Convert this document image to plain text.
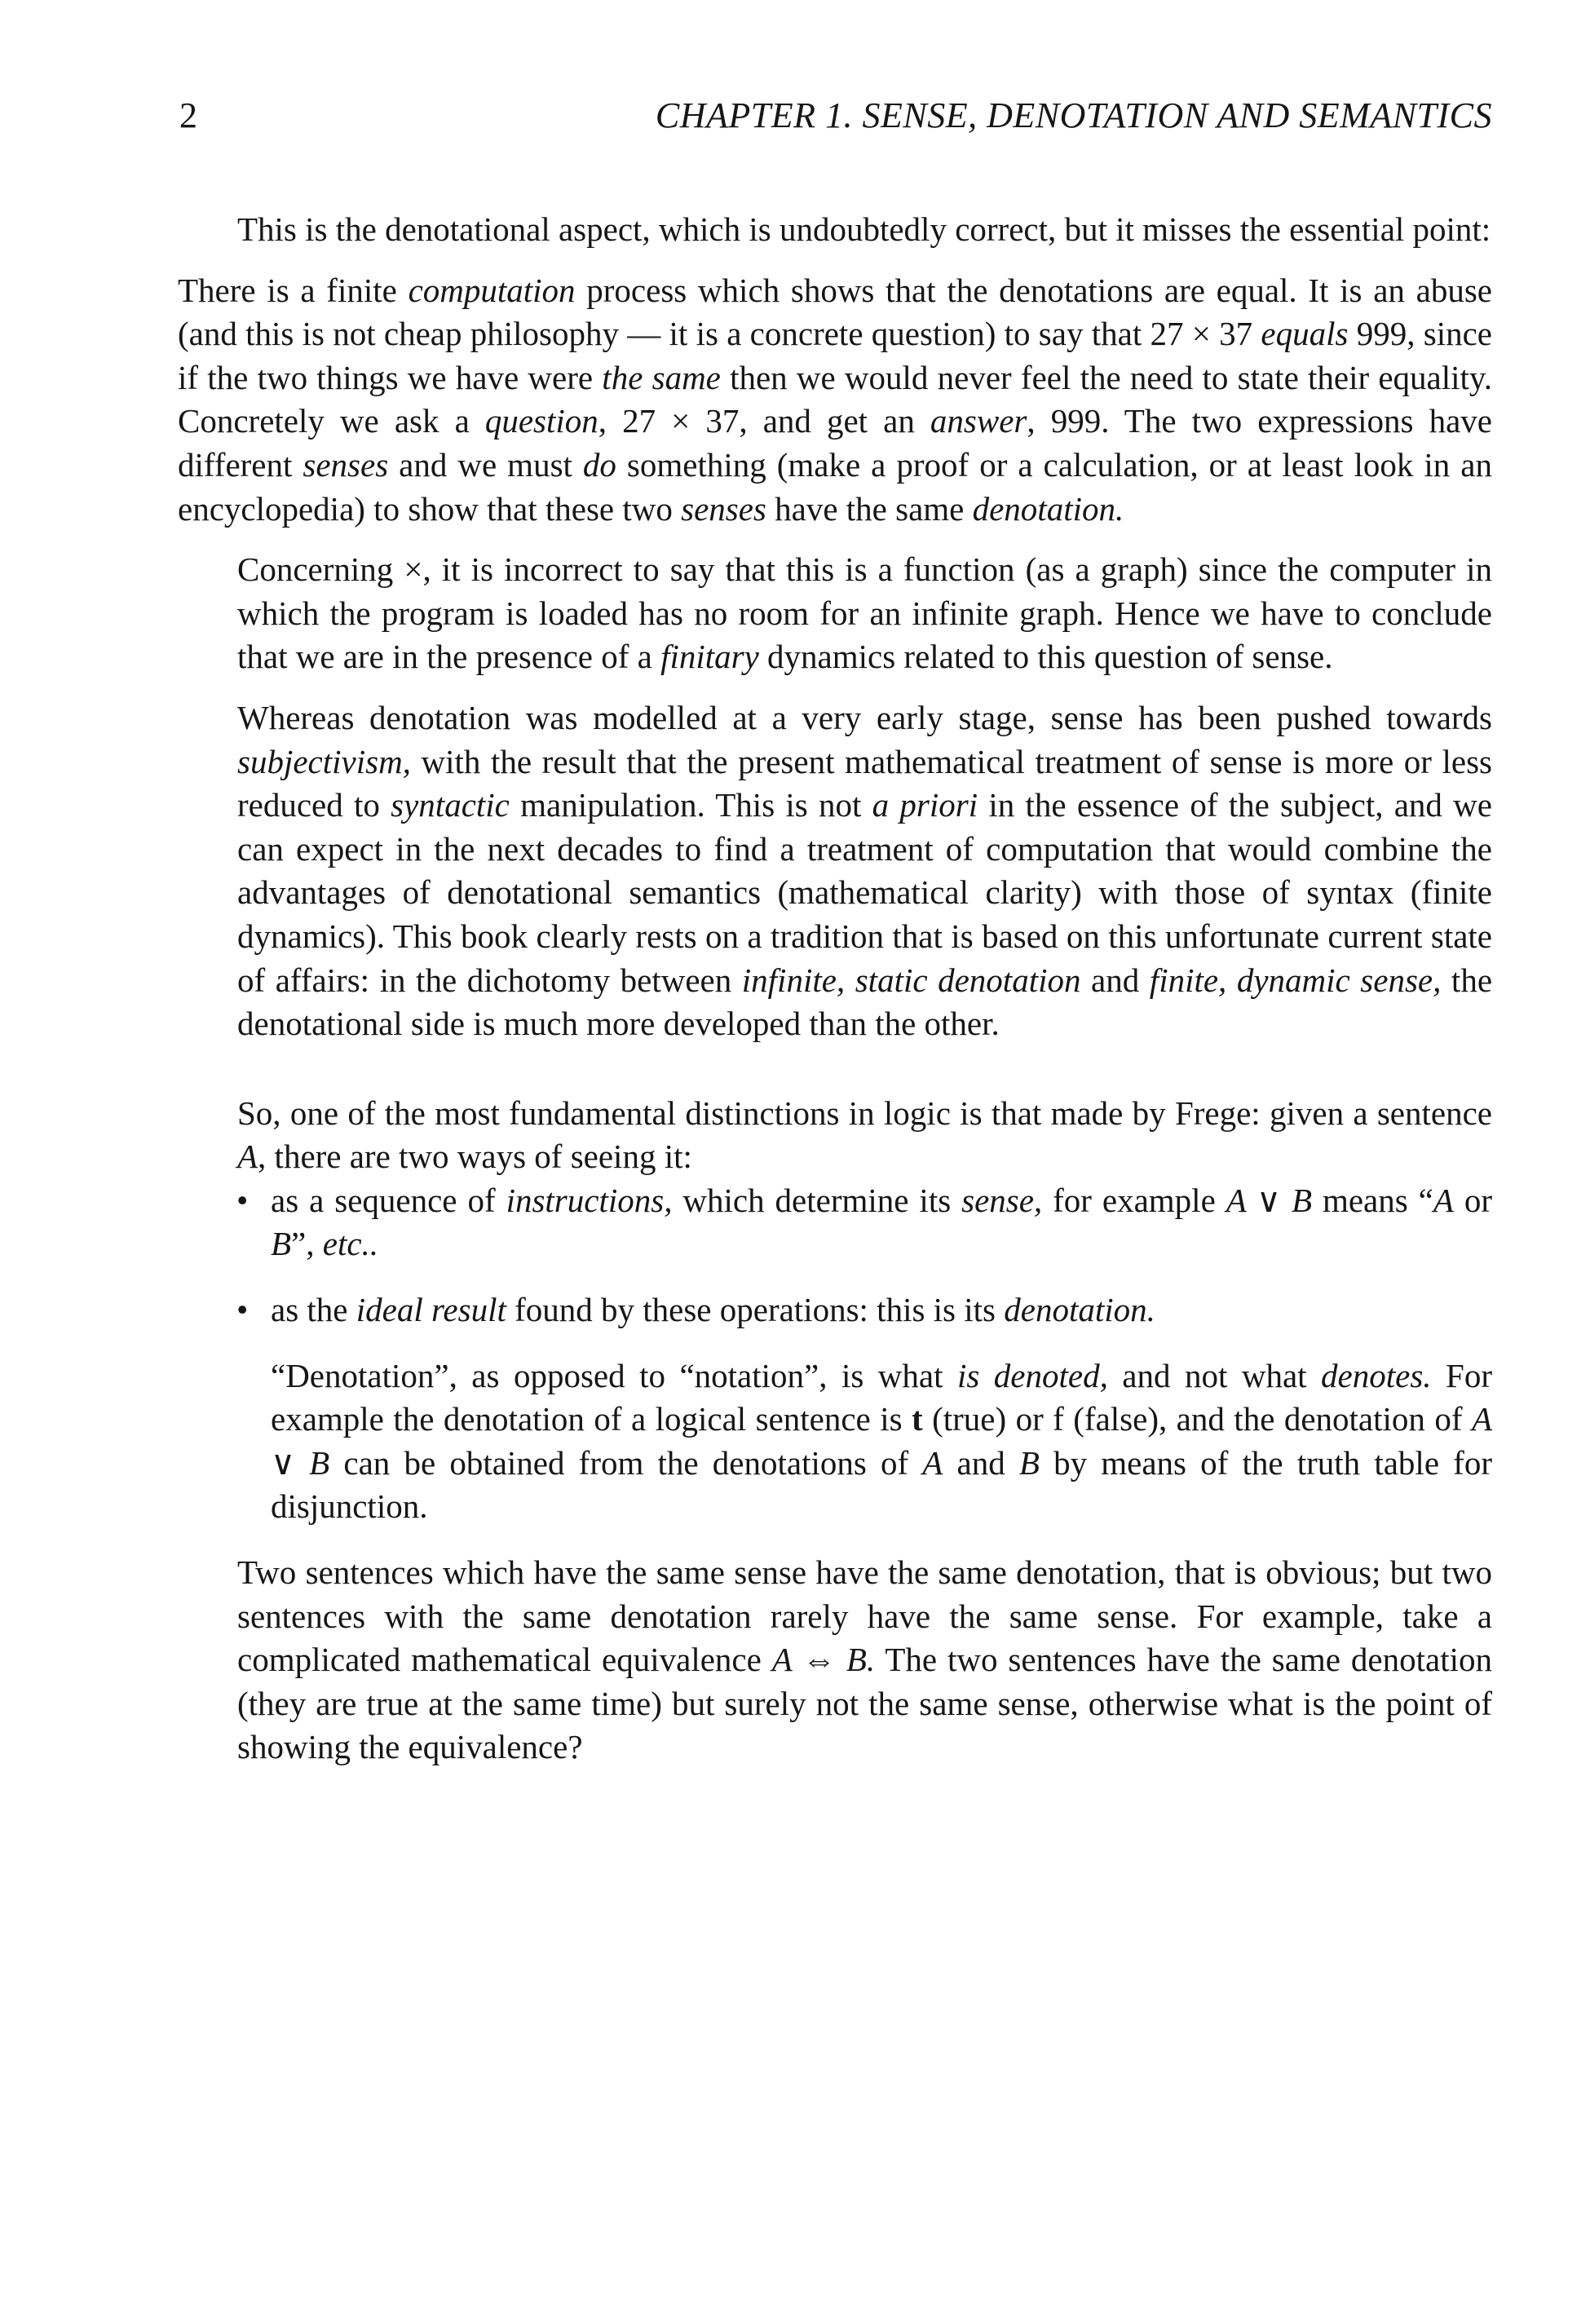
2	CHAPTER 1. SENSE, DENOTATION AND SEMANTICS

This is the denotational aspect, which is undoubtedly correct, but it misses the essential point:

There is a finite computation process which shows that the denotations are equal. It is an abuse (and this is not cheap philosophy — it is a concrete question) to say that 27 × 37 equals 999, since if the two things we have were the same then we would never feel the need to state their equality. Concretely we ask a question, 27 × 37, and get an answer, 999. The two expressions have different senses and we must do something (make a proof or a calculation, or at least look in an encyclopedia) to show that these two senses have the same denotation.

Concerning ×, it is incorrect to say that this is a function (as a graph) since the computer in which the program is loaded has no room for an infinite graph. Hence we have to conclude that we are in the presence of a finitary dynamics related to this question of sense.

Whereas denotation was modelled at a very early stage, sense has been pushed towards subjectivism, with the result that the present mathematical treatment of sense is more or less reduced to syntactic manipulation. This is not a priori in the essence of the subject, and we can expect in the next decades to find a treatment of computation that would combine the advantages of denotational semantics (mathematical clarity) with those of syntax (finite dynamics). This book clearly rests on a tradition that is based on this unfortunate current state of affairs: in the dichotomy between infinite, static denotation and finite, dynamic sense, the denotational side is much more developed than the other.

So, one of the most fundamental distinctions in logic is that made by Frege: given a sentence A, there are two ways of seeing it:

• as a sequence of instructions, which determine its sense, for example A ∨ B means “A or B”, etc..
• as the ideal result found by these operations: this is its denotation.

“Denotation”, as opposed to “notation”, is what is denoted, and not what denotes. For example the denotation of a logical sentence is t (true) or f (false), and the denotation of A ∨ B can be obtained from the denotations of A and B by means of the truth table for disjunction.

Two sentences which have the same sense have the same denotation, that is obvious; but two sentences with the same denotation rarely have the same sense. For example, take a complicated mathematical equivalence A ⇔ B. The two sentences have the same denotation (they are true at the same time) but surely not the same sense, otherwise what is the point of showing the equivalence?
